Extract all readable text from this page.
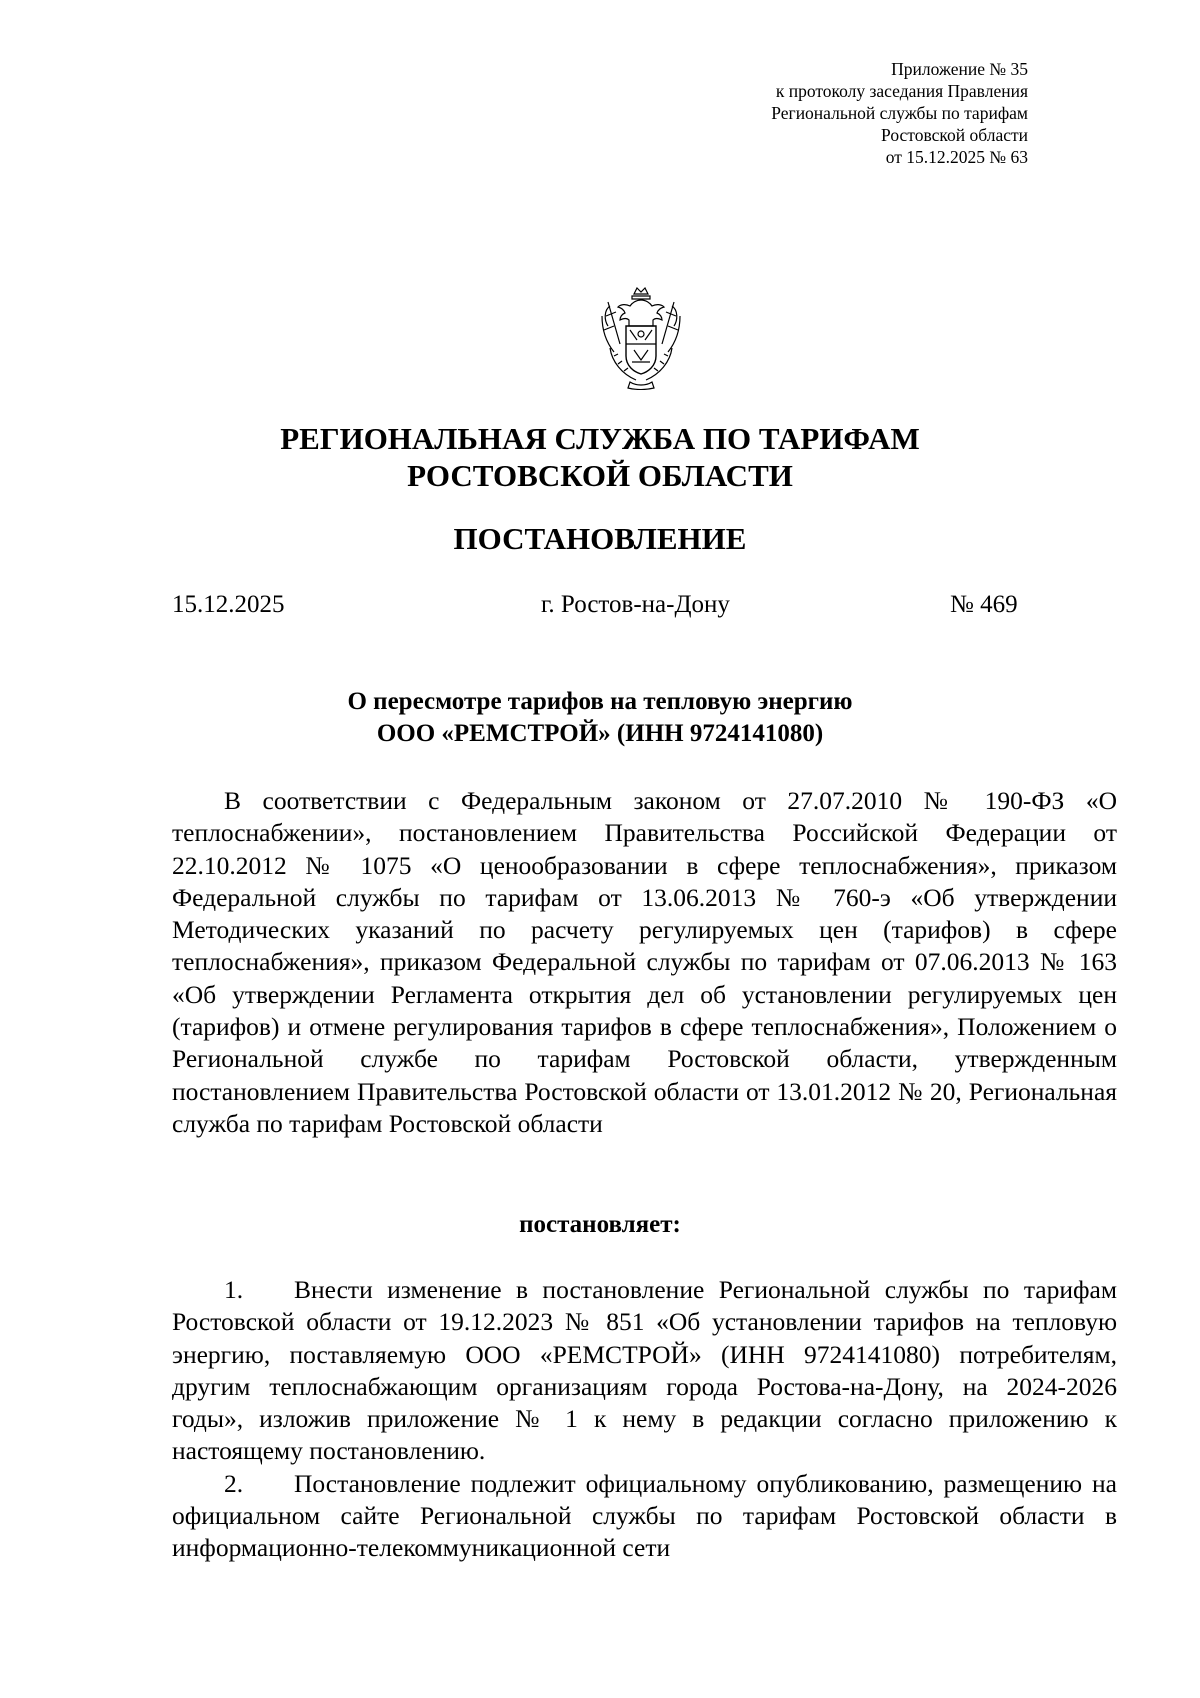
Приложение № 35
к протоколу заседания Правления
Региональной службы по тарифам
Ростовской области
от 15.12.2025 № 63
РЕГИОНАЛЬНАЯ СЛУЖБА ПО ТАРИФАМ
РОСТОВСКОЙ ОБЛАСТИ
ПОСТАНОВЛЕНИЕ
15.12.2025	г. Ростов-на-Дону	№ 469
О пересмотре тарифов на тепловую энергию
ООО «РЕМСТРОЙ» (ИНН 9724141080)

В соответствии с Федеральным законом от 27.07.2010 № 190-ФЗ «О теплоснабжении», постановлением Правительства Российской Федерации от 22.10.2012 № 1075 «О ценообразовании в сфере теплоснабжения», приказом Федеральной службы по тарифам от 13.06.2013 № 760-э «Об утверждении Методических указаний по расчету регулируемых цен (тарифов) в сфере теплоснабжения», приказом Федеральной службы по тарифам от 07.06.2013 № 163 «Об утверждении Регламента открытия дел об установлении регулируемых цен (тарифов) и отмене регулирования тарифов в сфере теплоснабжения», Положением о Региональной службе по тарифам Ростовской области, утвержденным постановлением Правительства Ростовской области от 13.01.2012 № 20, Региональная служба по тарифам Ростовской области

постановляет:

1. Внести изменение в постановление Региональной службы по тарифам Ростовской области от 19.12.2023 № 851 «Об установлении тарифов на тепловую энергию, поставляемую ООО «РЕМСТРОЙ» (ИНН 9724141080) потребителям, другим теплоснабжающим организациям города Ростова-на-Дону, на 2024-2026 годы», изложив приложение № 1 к нему в редакции согласно приложению к настоящему постановлению.

2. Постановление подлежит официальному опубликованию, размещению на официальном сайте Региональной службы по тарифам Ростовской области в информационно-телекоммуникационной сети
